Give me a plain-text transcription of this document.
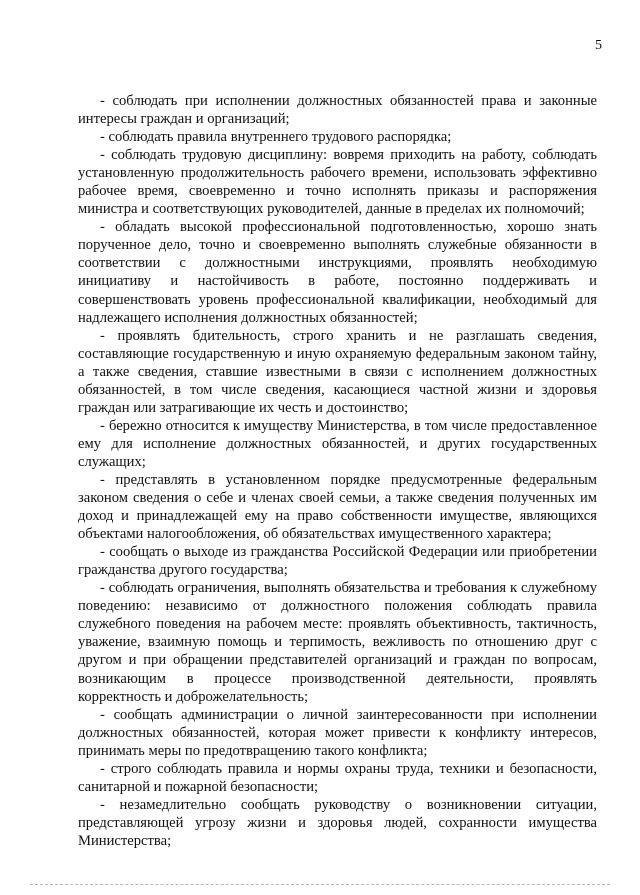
5

- соблюдать при исполнении должностных обязанностей права и законные интересы граждан и организаций;

- соблюдать правила внутреннего трудового распорядка;

- соблюдать трудовую дисциплину: вовремя приходить на работу, соблюдать установленную продолжительность рабочего времени, использовать эффективно рабочее время, своевременно и точно исполнять приказы и распоряжения министра и соответствующих руководителей, данные в пределах их полномочий;

- обладать высокой профессиональной подготовленностью, хорошо знать порученное дело, точно и своевременно выполнять служебные обязанности в соответствии с должностными инструкциями, проявлять необходимую инициативу и настойчивость в работе, постоянно поддерживать и совершенствовать уровень профессиональной квалификации, необходимый для надлежащего исполнения должностных обязанностей;

- проявлять бдительность, строго хранить и не разглашать сведения, составляющие государственную и иную охраняемую федеральным законом тайну, а также сведения, ставшие известными в связи с исполнением должностных обязанностей, в том числе сведения, касающиеся частной жизни и здоровья граждан или затрагивающие их честь и достоинство;

- бережно относится к имуществу Министерства, в том числе предоставленное ему для исполнение должностных обязанностей, и других государственных служащих;

- представлять в установленном порядке предусмотренные федеральным законом сведения о себе и членах своей семьи, а также сведения полученных им доход и принадлежащей ему на право собственности имуществе, являющихся объектами налогообложения, об обязательствах имущественного характера;

- сообщать о выходе из гражданства Российской Федерации или приобретении гражданства другого государства;

- соблюдать ограничения, выполнять обязательства и требования к служебному поведению: независимо от должностного положения соблюдать правила служебного поведения на рабочем месте: проявлять объективность, тактичность, уважение, взаимную помощь и терпимость, вежливость по отношению друг с другом и при обращении представителей организаций и граждан по вопросам, возникающим в процессе производственной деятельности, проявлять корректность и доброжелательность;

- сообщать администрации о личной заинтересованности при исполнении должностных обязанностей, которая может привести к конфликту интересов, принимать меры по предотвращению такого конфликта;

- строго соблюдать правила и нормы охраны труда, техники и безопасности, санитарной и пожарной безопасности;

- незамедлительно сообщать руководству о возникновении ситуации, представляющей угрозу жизни и здоровья людей, сохранности имущества Министерства;
